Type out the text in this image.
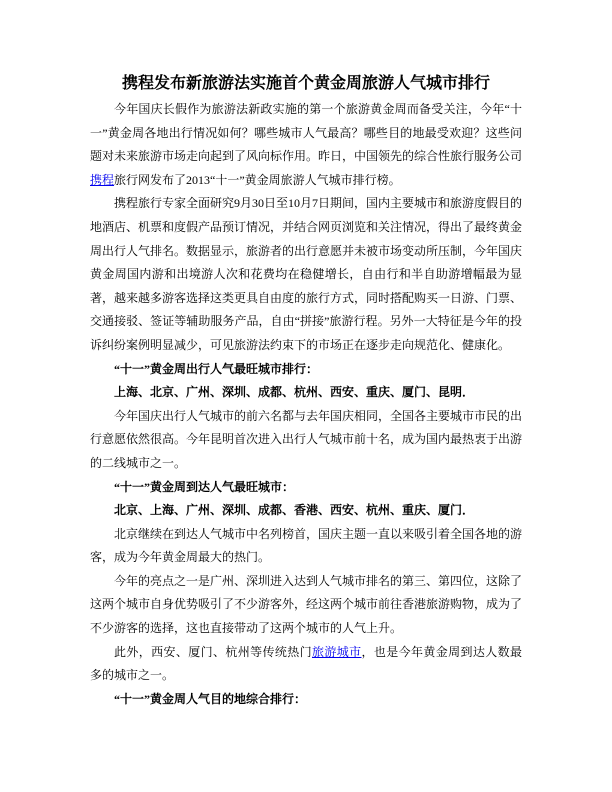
携程发布新旅游法实施首个黄金周旅游人气城市排行

今年国庆长假作为旅游法新政实施的第一个旅游黄金周而备受关注，今年“十一”黄金周各地出行情况如何？哪些城市人气最高？哪些目的地最受欢迎？这些问题对未来旅游市场走向起到了风向标作用。昨日，中国领先的综合性旅行服务公司携程旅行网发布了2013“十一”黄金周旅游人气城市排行榜。

携程旅行专家全面研究9月30日至10月7日期间，国内主要城市和旅游度假目的地酒店、机票和度假产品预订情况，并结合网页浏览和关注情况，得出了最终黄金周出行人气排名。数据显示，旅游者的出行意愿并未被市场变动所压制，今年国庆黄金周国内游和出境游人次和花费均在稳健增长，自由行和半自助游增幅最为显著，越来越多游客选择这类更具自由度的旅行方式，同时搭配购买一日游、门票、交通接驳、签证等辅助服务产品，自由“拼接”旅游行程。另外一大特征是今年的投诉纠纷案例明显减少，可见旅游法约束下的市场正在逐步走向规范化、健康化。

“十一”黄金周出行人气最旺城市排行：

上海、北京、广州、深圳、成都、杭州、西安、重庆、厦门、昆明．

今年国庆出行人气城市的前六名都与去年国庆相同，全国各主要城市市民的出行意愿依然很高。今年昆明首次进入出行人气城市前十名，成为国内最热衷于出游的二线城市之一。

“十一”黄金周到达人气最旺城市：

北京、上海、广州、深圳、成都、香港、西安、杭州、重庆、厦门．

北京继续在到达人气城市中名列榜首，国庆主题一直以来吸引着全国各地的游客，成为今年黄金周最大的热门。

今年的亮点之一是广州、深圳进入达到人气城市排名的第三、第四位，这除了这两个城市自身优势吸引了不少游客外，经这两个城市前往香港旅游购物，成为了不少游客的选择，这也直接带动了这两个城市的人气上升。

此外，西安、厦门、杭州等传统热门旅游城市，也是今年黄金周到达人数最多的城市之一。

“十一”黄金周人气目的地综合排行：
